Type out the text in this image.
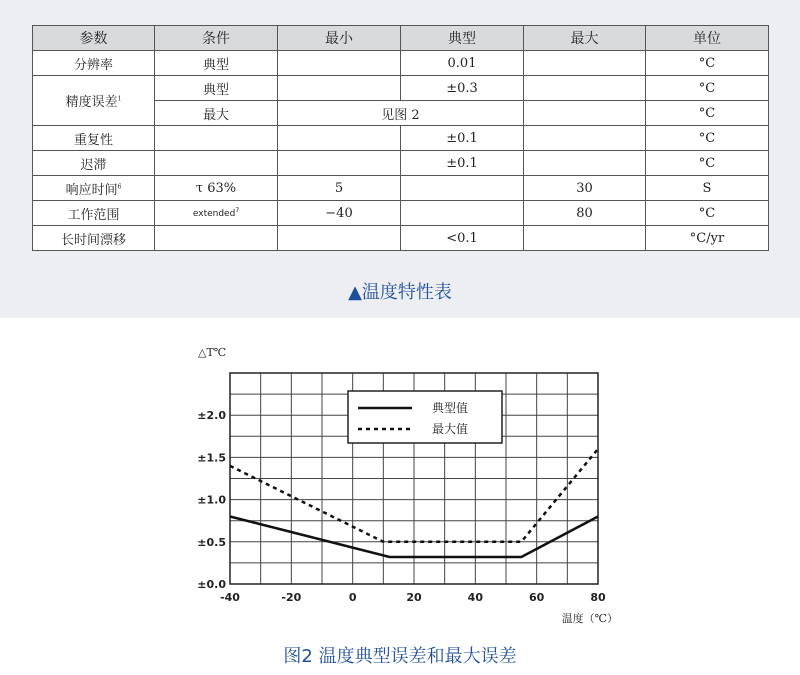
参数	条件	最小	典型	最大	单位
分辨率	典型		0.01		°C
精度误差$^1$	典型		±0.3		°C
	最大	见图 2			°C
重复性			±0.1		°C
迟滞			±0.1		°C
响应时间$^6$	τ 63%	5		30	S
工作范围	extended$^7$	−40		80	°C
长时间漂移			<0.1		°C/yr
▲温度特性表
-40	-20	0	20	40	60	80
±0.0
±0.5
±1.0
±1.5
±2.0
典型值
最大值
△T℃
温度（℃）
图2 温度典型误差和最大误差
